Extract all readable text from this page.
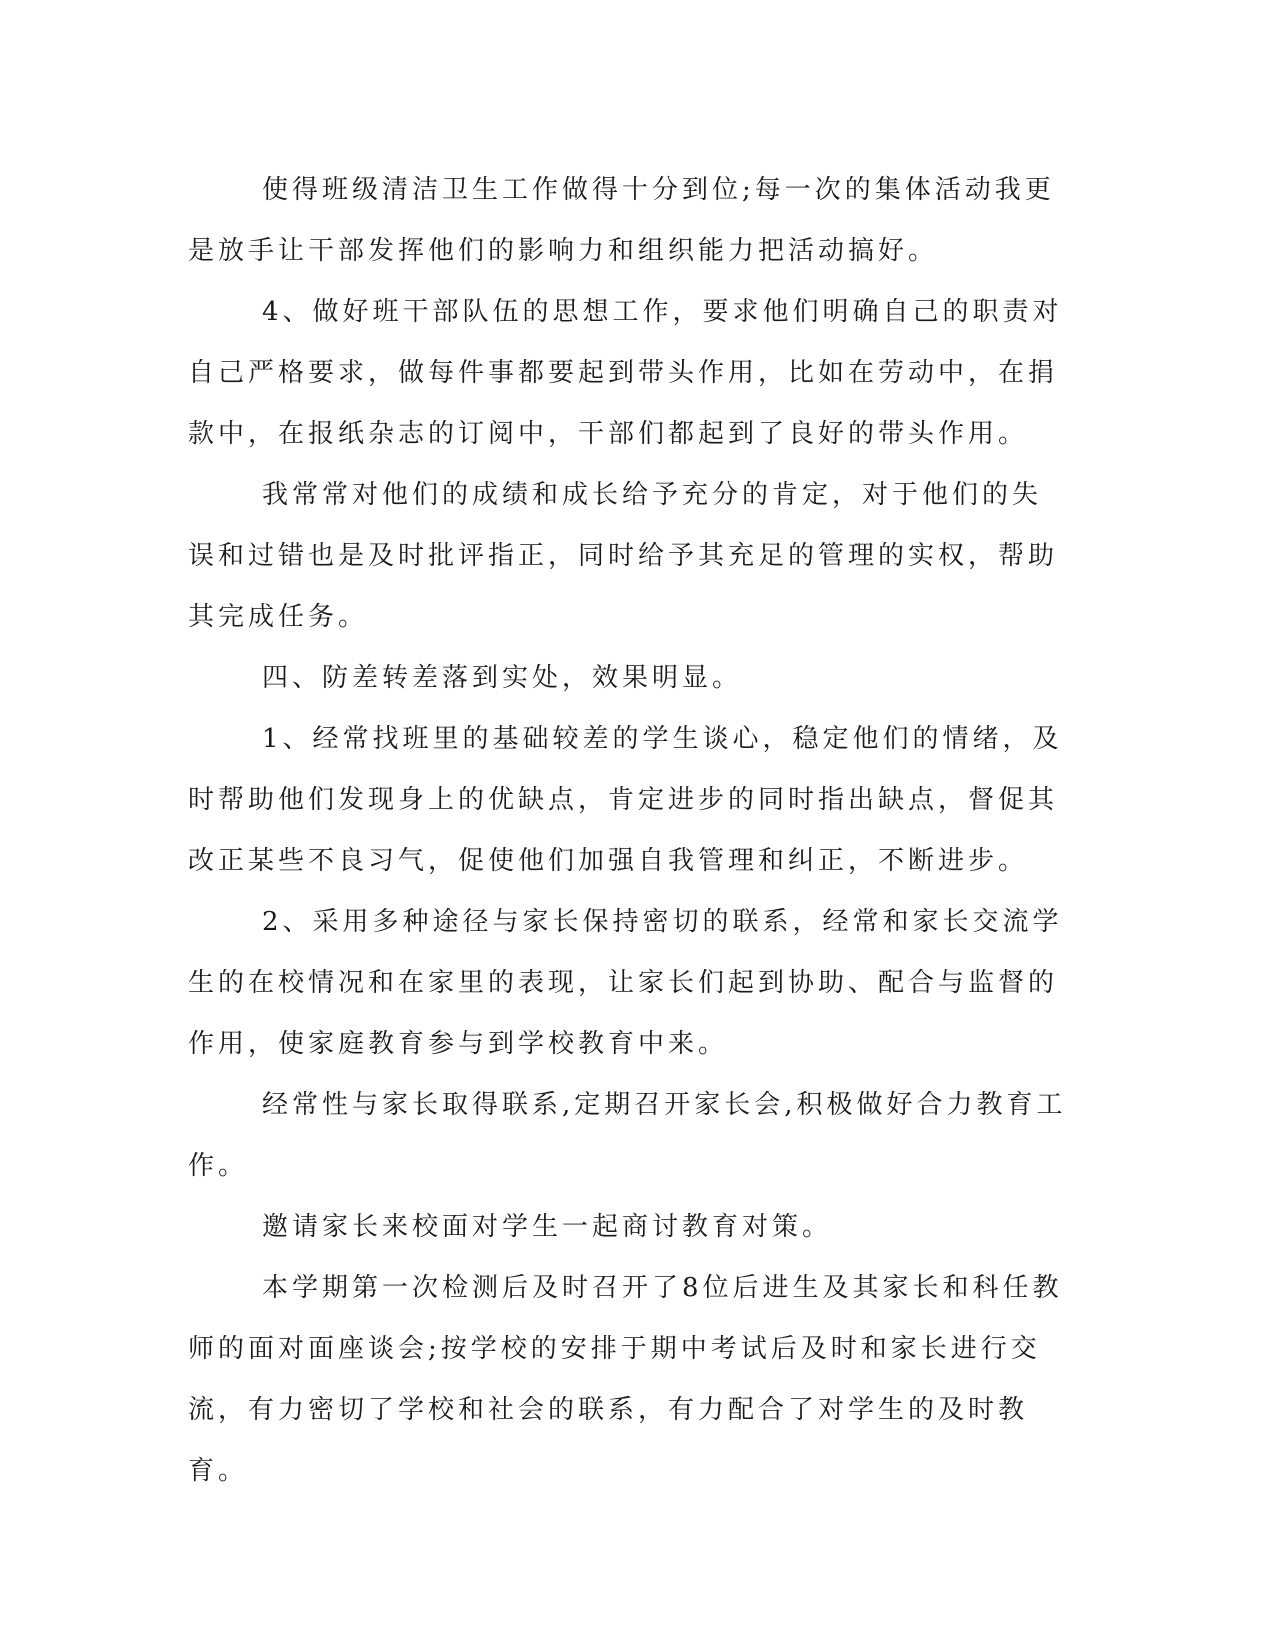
使得班级清洁卫生工作做得十分到位;每一次的集体活动我更是放手让干部发挥他们的影响力和组织能力把活动搞好。

4、做好班干部队伍的思想工作，要求他们明确自己的职责对自己严格要求，做每件事都要起到带头作用，比如在劳动中，在捐款中，在报纸杂志的订阅中，干部们都起到了良好的带头作用。

我常常对他们的成绩和成长给予充分的肯定，对于他们的失误和过错也是及时批评指正，同时给予其充足的管理的实权，帮助其完成任务。

四、防差转差落到实处，效果明显。

1、经常找班里的基础较差的学生谈心，稳定他们的情绪，及时帮助他们发现身上的优缺点，肯定进步的同时指出缺点，督促其改正某些不良习气，促使他们加强自我管理和纠正，不断进步。

2、采用多种途径与家长保持密切的联系，经常和家长交流学生的在校情况和在家里的表现，让家长们起到协助、配合与监督的作用，使家庭教育参与到学校教育中来。

经常性与家长取得联系,定期召开家长会,积极做好合力教育工作。

邀请家长来校面对学生一起商讨教育对策。

本学期第一次检测后及时召开了8位后进生及其家长和科任教师的面对面座谈会;按学校的安排于期中考试后及时和家长进行交流，有力密切了学校和社会的联系，有力配合了对学生的及时教育。
